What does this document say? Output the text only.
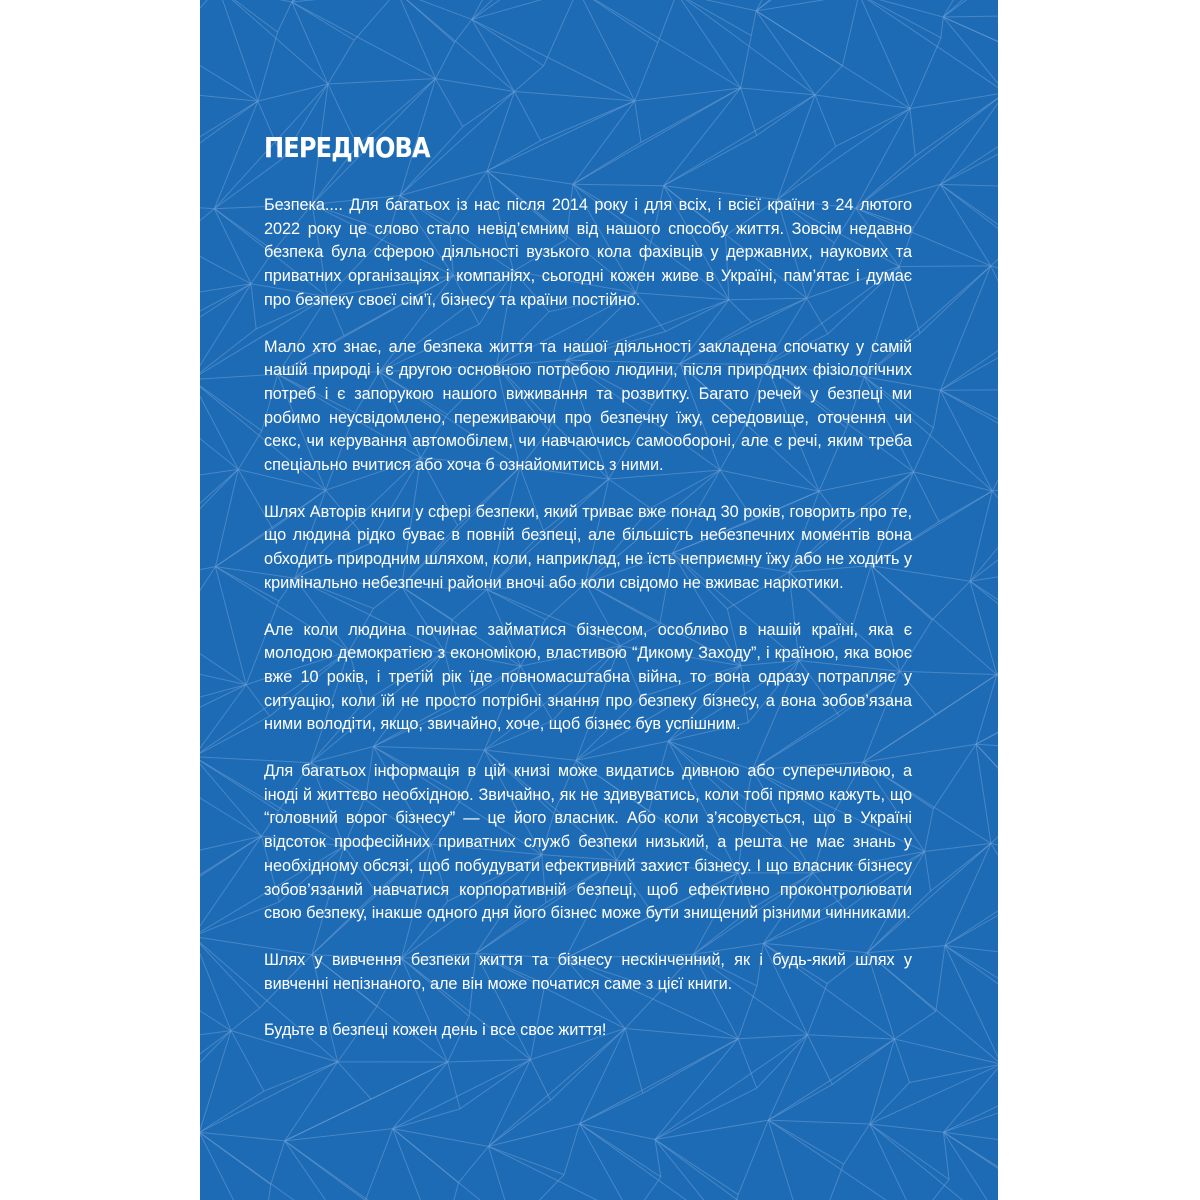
ПЕРЕДМОВА

Безпека.... Для багатьох із нас після 2014 року і для всіх, і всієї країни з 24 лютого 2022 року це слово стало невід’ємним від нашого способу життя. Зовсім недавно безпека була сферою діяльності вузького кола фахівців у державних, наукових та приватних організаціях і компаніях, сьогодні кожен живе в Україні, пам’ятає і думає про безпеку своєї сім’ї, бізнесу та країни постійно.

Мало хто знає, але безпека життя та нашої діяльності закладена спочатку у самій нашій природі і є другою основною потребою людини, після природних фізіологічних потреб і є запорукою нашого виживання та розвитку. Багато речей у безпеці ми робимо неусвідомлено, переживаючи про безпечну їжу, середовище, оточення чи секс, чи керування автомобілем, чи навчаючись самообороні, але є речі, яким треба спеціально вчитися або хоча б ознайомитись з ними.

Шлях Авторів книги у сфері безпеки, який триває вже понад 30 років, говорить про те, що людина рідко буває в повній безпеці, але більшість небезпечних моментів вона обходить природним шляхом, коли, наприклад, не їсть неприємну їжу або не ходить у кримінально небезпечні райони вночі або коли свідомо не вживає наркотики.

Але коли людина починає займатися бізнесом, особливо в нашій країні, яка є молодою демократією з економікою, властивою “Дикому Заходу”, і країною, яка воює вже 10 років, і третій рік їде повномасштабна війна, то вона одразу потрапляє у ситуацію, коли їй не просто потрібні знання про безпеку бізнесу, а вона зобов’язана ними володіти, якщо, звичайно, хоче, щоб бізнес був успішним.

Для багатьох інформація в цій книзі може видатись дивною або суперечливою, а іноді й життєво необхідною. Звичайно, як не здивуватись, коли тобі прямо кажуть, що “головний ворог бізнесу” — це його власник. Або коли з’ясовується, що в Україні відсоток професійних приватних служб безпеки низький, а решта не має знань у необхідному обсязі, щоб побудувати ефективний захист бізнесу. І що власник бізнесу зобов’язаний навчатися корпоративній безпеці, щоб ефективно проконтролювати свою безпеку, інакше одного дня його бізнес може бути знищений різними чинниками.

Шлях у вивчення безпеки життя та бізнесу нескінченний, як і будь-який шлях у вивченні непізнаного, але він може початися саме з цієї книги.

Будьте в безпеці кожен день і все своє життя!
